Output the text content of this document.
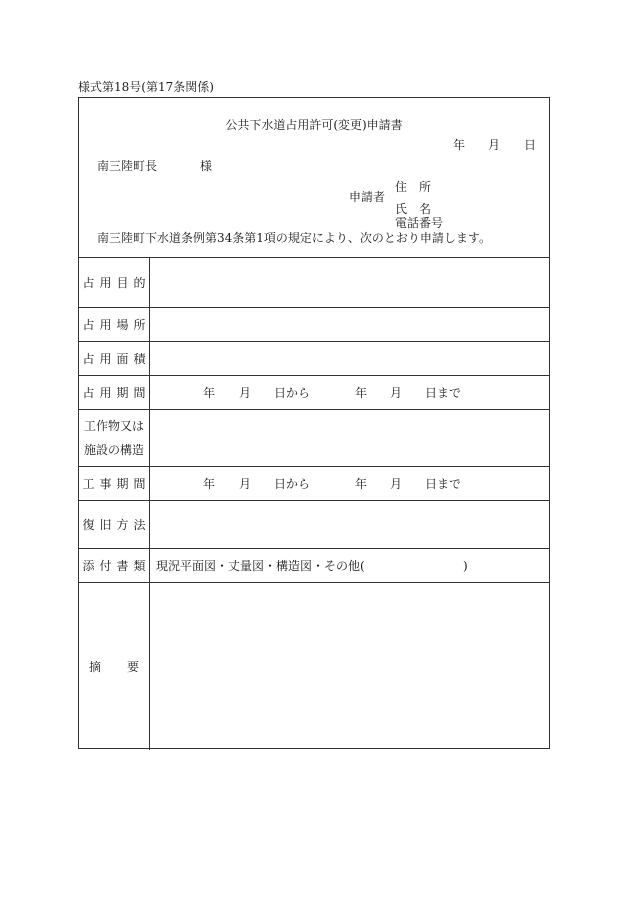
様式第18号(第17条関係)
公共下水道占用許可(変更)申請書
年 月 日
南三陸町長	様
住　所
申請者
氏　名
電話番号
南三陸町下水道条例第34条第1項の規定により、次のとおり申請します。
占用目的
占用場所
占用面積
占用期間	年 月 日から	年 月 日まで
工作物又は
施設の構造
工事期間	年 月 日から	年 月 日まで
復旧方法
添付書類 現況平面図・丈量図・構造図・その他(	)
摘 要
